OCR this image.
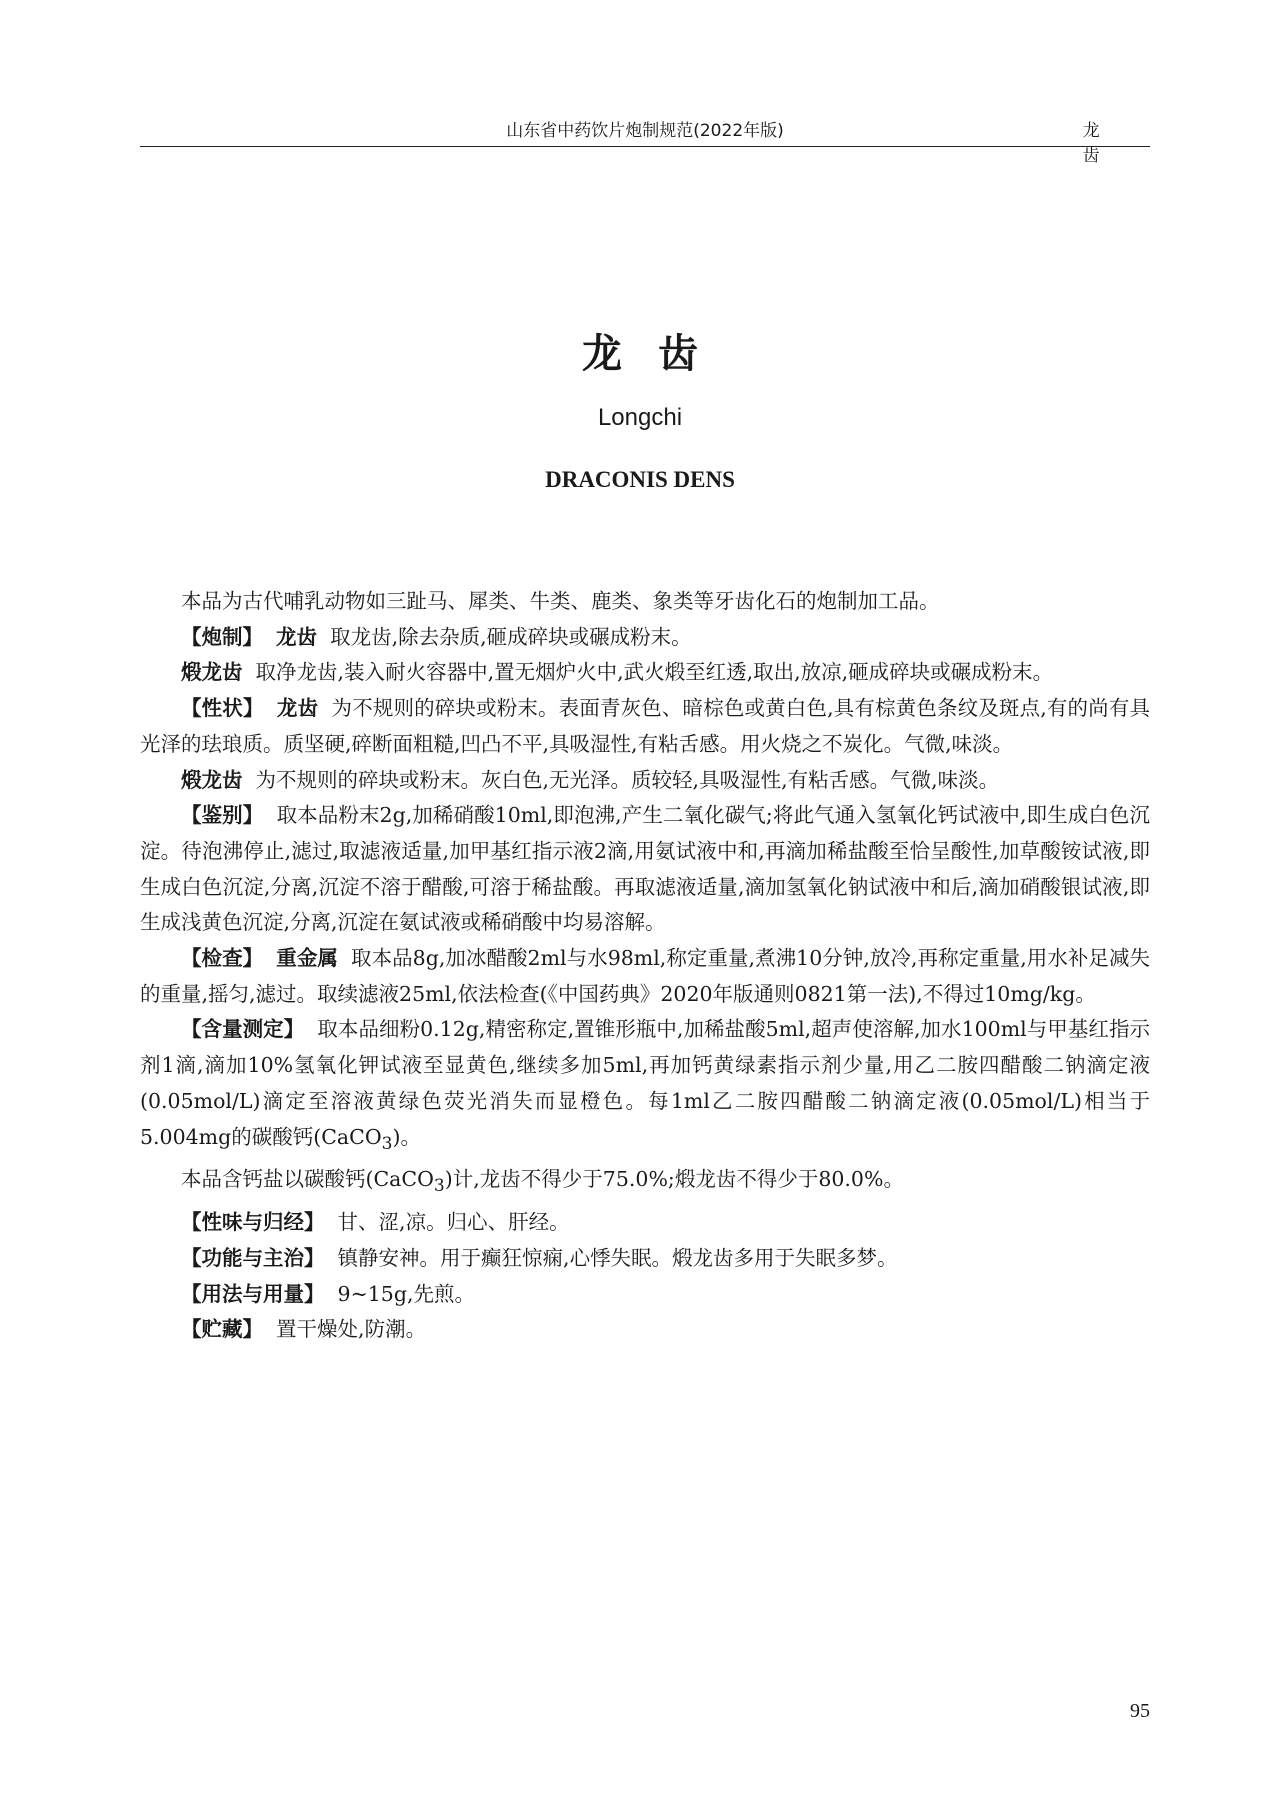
山东省中药饮片炮制规范(2022年版)	龙 齿
龙齿
Longchi
DRACONIS DENS

本品为古代哺乳动物如三趾马、犀类、牛类、鹿类、象类等牙齿化石的炮制加工品。

【炮制】 龙齿 取龙齿,除去杂质,砸成碎块或碾成粉末。

煅龙齿 取净龙齿,装入耐火容器中,置无烟炉火中,武火煅至红透,取出,放凉,砸成碎块或碾成粉末。

【性状】 龙齿 为不规则的碎块或粉末。表面青灰色、暗棕色或黄白色,具有棕黄色条纹及斑点,有的尚有具光泽的珐琅质。质坚硬,碎断面粗糙,凹凸不平,具吸湿性,有粘舌感。用火烧之不炭化。气微,味淡。

煅龙齿 为不规则的碎块或粉末。灰白色,无光泽。质较轻,具吸湿性,有粘舌感。气微,味淡。

【鉴别】 取本品粉末2g,加稀硝酸10ml,即泡沸,产生二氧化碳气;将此气通入氢氧化钙试液中,即生成白色沉淀。待泡沸停止,滤过,取滤液适量,加甲基红指示液2滴,用氨试液中和,再滴加稀盐酸至恰呈酸性,加草酸铵试液,即生成白色沉淀,分离,沉淀不溶于醋酸,可溶于稀盐酸。再取滤液适量,滴加氢氧化钠试液中和后,滴加硝酸银试液,即生成浅黄色沉淀,分离,沉淀在氨试液或稀硝酸中均易溶解。

【检查】 重金属 取本品8g,加冰醋酸2ml与水98ml,称定重量,煮沸10分钟,放冷,再称定重量,用水补足减失的重量,摇匀,滤过。取续滤液25ml,依法检查(《中国药典》2020年版通则0821第一法),不得过10mg/kg。

【含量测定】 取本品细粉0.12g,精密称定,置锥形瓶中,加稀盐酸5ml,超声使溶解,加水100ml与甲基红指示剂1滴,滴加10%氢氧化钾试液至显黄色,继续多加5ml,再加钙黄绿素指示剂少量,用乙二胺四醋酸二钠滴定液(0.05mol/L)滴定至溶液黄绿色荧光消失而显橙色。每1ml乙二胺四醋酸二钠滴定液(0.05mol/L)相当于5.004mg的碳酸钙(CaCO$_3$)。

本品含钙盐以碳酸钙(CaCO$_3$)计,龙齿不得少于75.0%;煅龙齿不得少于80.0%。

【性味与归经】 甘、涩,凉。归心、肝经。

【功能与主治】 镇静安神。用于癫狂惊痫,心悸失眠。煅龙齿多用于失眠多梦。

【用法与用量】 9~15g,先煎。

【贮藏】 置干燥处,防潮。

95
